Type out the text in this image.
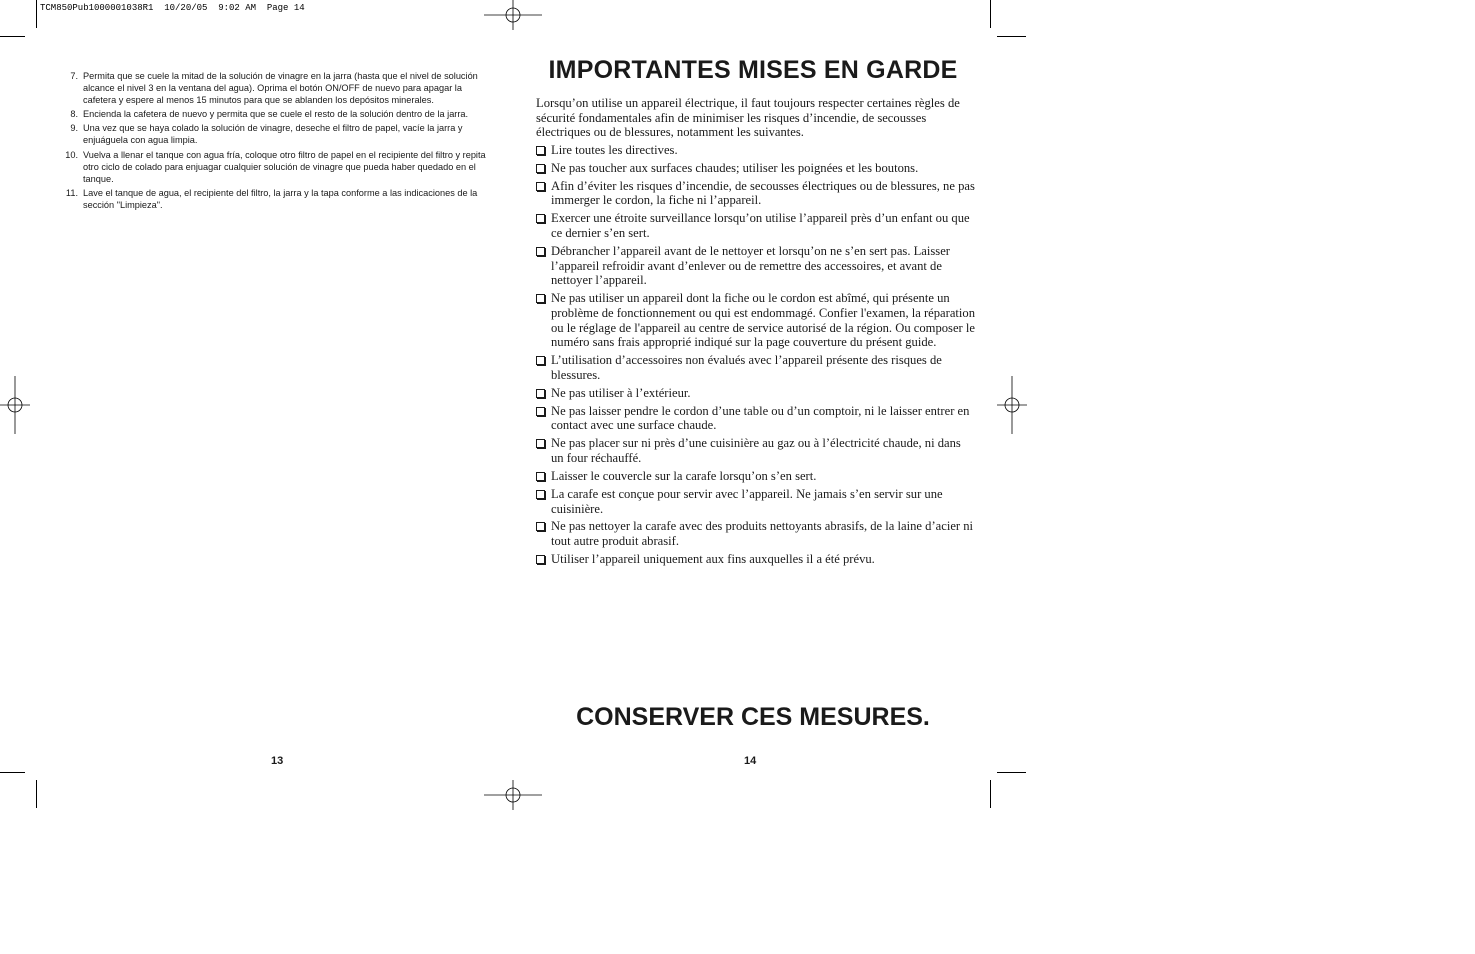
TCM850Pub1000001038R1  10/20/05  9:02 AM  Page 14
7. Permita que se cuele la mitad de la solución de vinagre en la jarra (hasta que el nivel de solución alcance el nivel 3 en la ventana del agua). Oprima el botón ON/OFF de nuevo para apagar la cafetera y espere al menos 15 minutos para que se ablanden los depósitos minerales.
8. Encienda la cafetera de nuevo y permita que se cuele el resto de la solución dentro de la jarra.
9. Una vez que se haya colado la solución de vinagre, deseche el filtro de papel, vacíe la jarra y enjuáguela con agua limpia.
10. Vuelva a llenar el tanque con agua fría, coloque otro filtro de papel en el recipiente del filtro y repita otro ciclo de colado para enjuagar cualquier solución de vinagre que pueda haber quedado en el tanque.
11. Lave el tanque de agua, el recipiente del filtro, la jarra y la tapa conforme a las indicaciones de la sección "Limpieza".
13
IMPORTANTES MISES EN GARDE

Lorsqu’on utilise un appareil électrique, il faut toujours respecter certaines règles de sécurité fondamentales afin de minimiser les risques d’incendie, de secousses électriques ou de blessures, notamment les suivantes.

Lire toutes les directives.
Ne pas toucher aux surfaces chaudes; utiliser les poignées et les boutons.
Afin d’éviter les risques d’incendie, de secousses électriques ou de blessures, ne pas immerger le cordon, la fiche ni l’appareil.
Exercer une étroite surveillance lorsqu’on utilise l’appareil près d’un enfant ou que ce dernier s’en sert.
Débrancher l’appareil avant de le nettoyer et lorsqu’on ne s’en sert pas. Laisser l’appareil refroidir avant d’enlever ou de remettre des accessoires, et avant de nettoyer l’appareil.
Ne pas utiliser un appareil dont la fiche ou le cordon est abîmé, qui présente un problème de fonctionnement ou qui est endommagé. Confier l'examen, la réparation ou le réglage de l'appareil au centre de service autorisé de la région. Ou composer le numéro sans frais approprié indiqué sur la page couverture du présent guide.
L’utilisation d’accessoires non évalués avec l’appareil présente des risques de blessures.
Ne pas utiliser à l’extérieur.
Ne pas laisser pendre le cordon d’une table ou d’un comptoir, ni le laisser entrer en contact avec une surface chaude.
Ne pas placer sur ni près d’une cuisinière au gaz ou à l’électricité chaude, ni dans un four réchauffé.
Laisser le couvercle sur la carafe lorsqu’on s’en sert.
La carafe est conçue pour servir avec l’appareil. Ne jamais s’en servir sur une cuisinière.
Ne pas nettoyer la carafe avec des produits nettoyants abrasifs, de la laine d’acier ni tout autre produit abrasif.
Utiliser l’appareil uniquement aux fins auxquelles il a été prévu.
CONSERVER CES MESURES.
14
